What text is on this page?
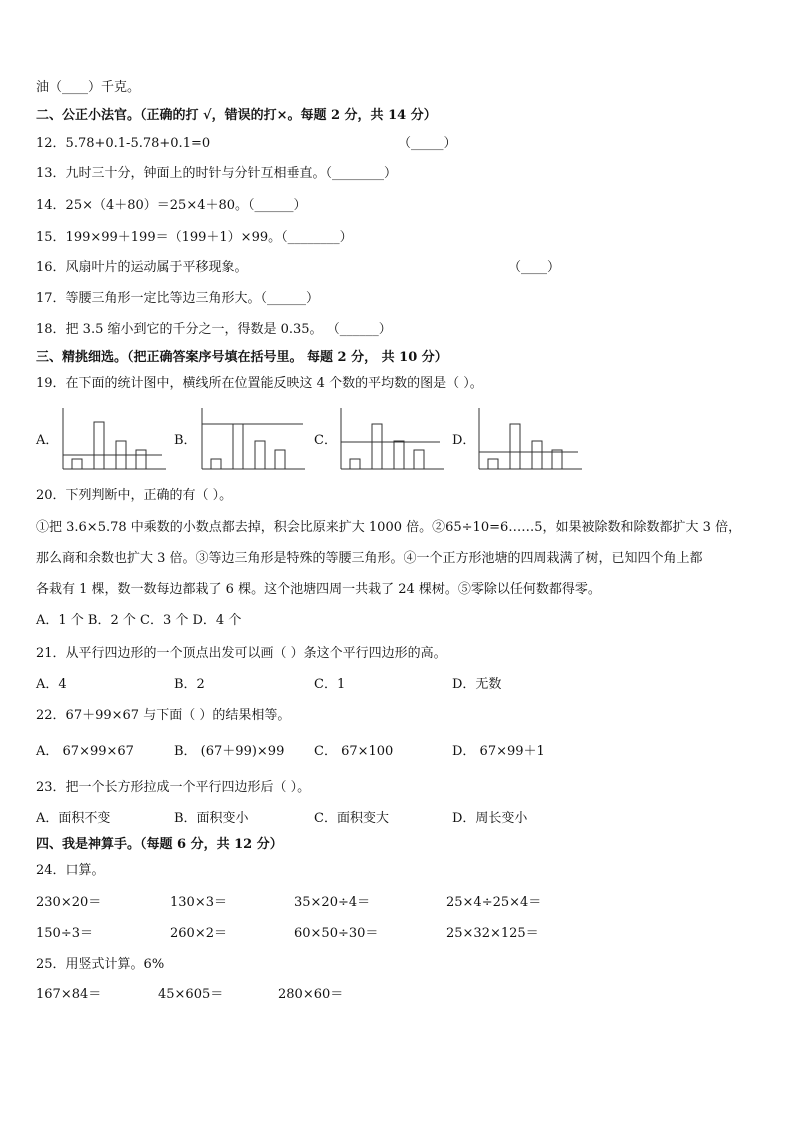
油（____）千克。
二、公正小法官。（正确的打 √，错误的打×。每题 2 分，共 14 分）
12．5.78+0.1-5.78+0.1=0	（_____）
13．九时三十分，钟面上的时针与分针互相垂直。（________）
14．25×（4＋80）＝25×4＋80。（______）
15．199×99＋199＝（199＋1）×99。（________）
16．风扇叶片的运动属于平移现象。	（____）
17．等腰三角形一定比等边三角形大。（______）
18．把 3.5 缩小到它的千分之一，得数是 0.35。 （______）
三、精挑细选。（把正确答案序号填在括号里。 每题 2 分， 共 10 分）
19．在下面的统计图中，横线所在位置能反映这 4 个数的平均数的图是（ ）。
A．	B．	C．	D．
20．下列判断中，正确的有（ ）。
①把 3.6×5.78 中乘数的小数点都去掉，积会比原来扩大 1000 倍。②65÷10=6……5，如果被除数和除数都扩大 3 倍，
那么商和余数也扩大 3 倍。③等边三角形是特殊的等腰三角形。④一个正方形池塘的四周栽满了树，已知四个角上都
各栽有 1 棵，数一数每边都栽了 6 棵。这个池塘四周一共栽了 24 棵树。⑤零除以任何数都得零。
A．1 个 B．2 个 C．3 个 D．4 个
21．从平行四边形的一个顶点出发可以画（ ）条这个平行四边形的高。
A．4	B．2	C．1	D．无数
22．67＋99×67 与下面（ ）的结果相等。
A． 67×99×67	B． (67＋99)×99 C． 67×100	D． 67×99＋1
23．把一个长方形拉成一个平行四边形后（ ）。
A．面积不变	B．面积变小	C．面积变大	D．周长变小
四、我是神算手。（每题 6 分，共 12 分）
24．口算。
230×20＝	130×3＝	35×20÷4＝	25×4÷25×4＝
150÷3＝	260×2＝	60×50÷30＝	25×32×125＝
25．用竖式计算。6%
167×84＝	45×605＝	280×60＝
